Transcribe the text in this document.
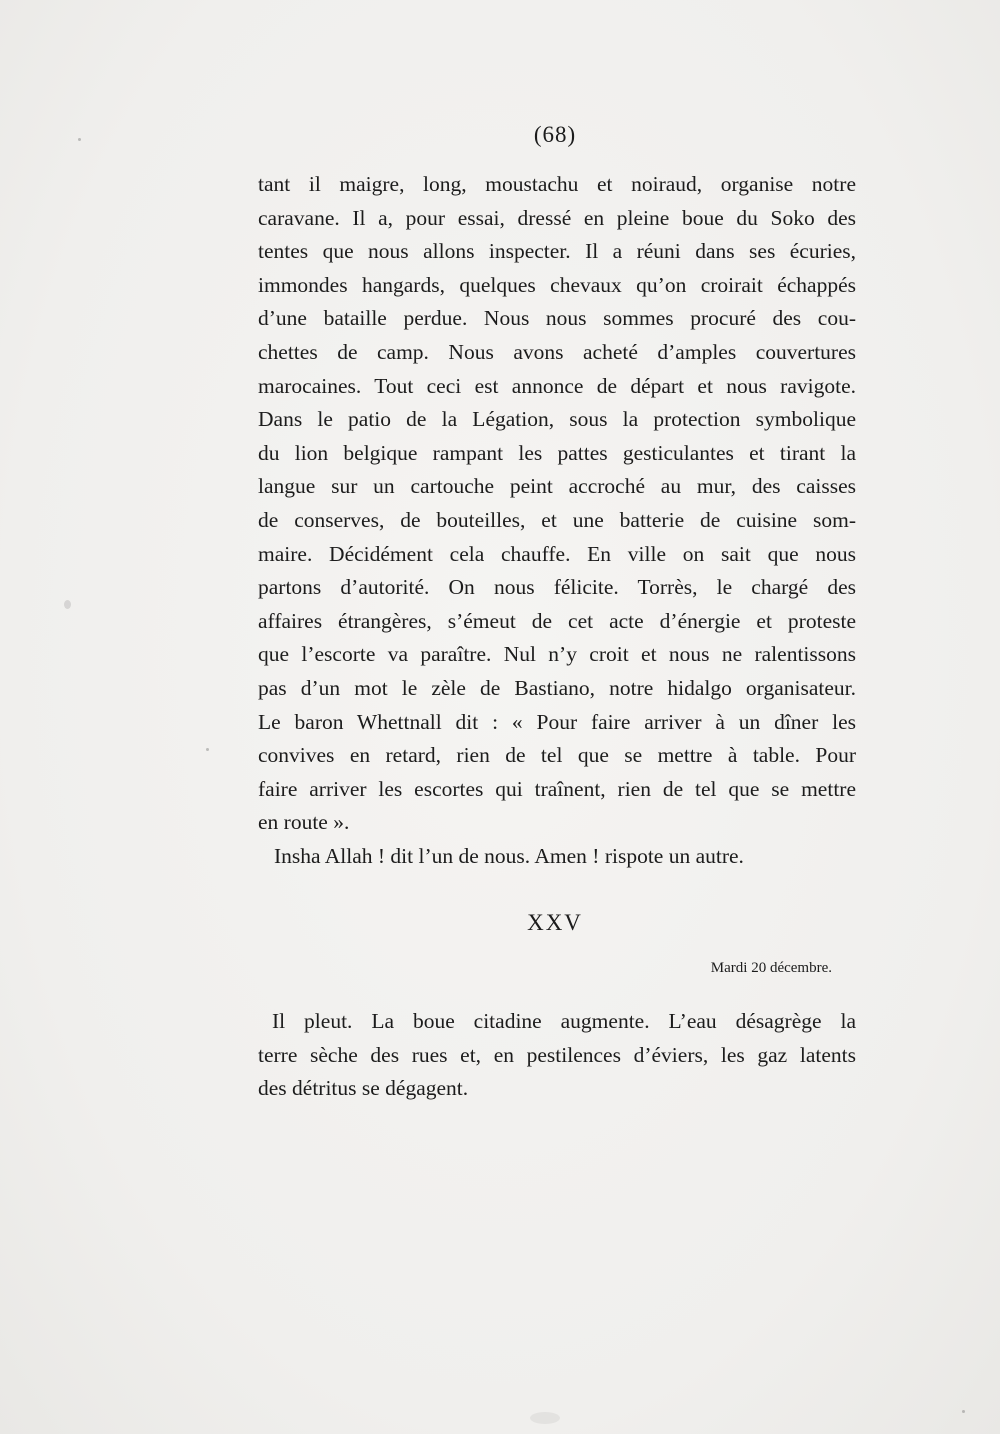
(68)

tant il maigre, long, moustachu et noiraud, organise notre

caravane. Il a, pour essai, dressé en pleine boue du Soko des

tentes que nous allons inspecter. Il a réuni dans ses écuries,

immondes hangards, quelques chevaux qu’on croirait échappés

d’une bataille perdue. Nous nous sommes procuré des cou-

chettes de camp. Nous avons acheté d’amples couvertures

marocaines. Tout ceci est annonce de départ et nous ravigote.

Dans le patio de la Légation, sous la protection symbolique

du lion belgique rampant les pattes gesticulantes et tirant la

langue sur un cartouche peint accroché au mur, des caisses

de conserves, de bouteilles, et une batterie de cuisine som-

maire. Décidément cela chauffe. En ville on sait que nous

partons d’autorité. On nous félicite. Torrès, le chargé des

affaires étrangères, s’émeut de cet acte d’énergie et proteste

que l’escorte va paraître. Nul n’y croit et nous ne ralentissons

pas d’un mot le zèle de Bastiano, notre hidalgo organisateur.

Le baron Whettnall dit : « Pour faire arriver à un dîner les

convives en retard, rien de tel que se mettre à table. Pour

faire arriver les escortes qui traînent, rien de tel que se mettre

en route ».

Insha Allah ! dit l’un de nous. Amen ! rispote un autre.

XXV
Mardi 20 décembre.

Il pleut. La boue citadine augmente. L’eau désagrège la

terre sèche des rues et, en pestilences d’éviers, les gaz latents

des détritus se dégagent.
